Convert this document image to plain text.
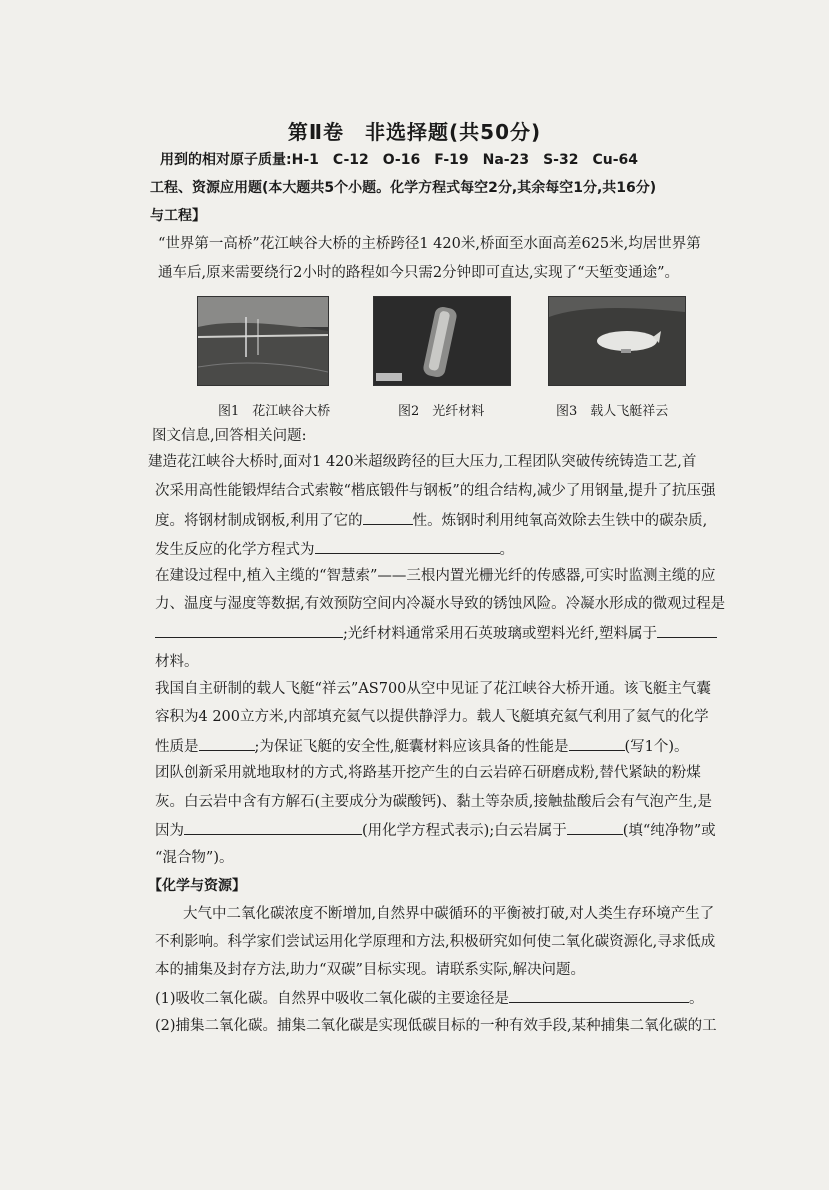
第Ⅱ卷　非选择题(共50分)
用到的相对原子质量:H-1　C-12　O-16　F-19　Na-23　S-32　Cu-64
工程、资源应用题(本大题共5个小题。化学方程式每空2分,其余每空1分,共16分)
与工程】
“世界第一高桥”花江峡谷大桥的主桥跨径1 420米,桥面至水面高差625米,均居世界第
通车后,原来需要绕行2小时的路程如今只需2分钟即可直达,实现了“天堑变通途”。
图1　花江峡谷大桥	图2　光纤材料	图3　载人飞艇祥云
图文信息,回答相关问题:
建造花江峡谷大桥时,面对1 420米超级跨径的巨大压力,工程团队突破传统铸造工艺,首
次采用高性能锻焊结合式索鞍“楷底锻件与钢板”的组合结构,减少了用钢量,提升了抗压强
度。将钢材制成钢板,利用了它的	性。炼钢时利用纯氧高效除去生铁中的碳杂质,
发生反应的化学方程式为	。
在建设过程中,植入主缆的“智慧索”——三根内置光栅光纤的传感器,可实时监测主缆的应
力、温度与湿度等数据,有效预防空间内冷凝水导致的锈蚀风险。冷凝水形成的微观过程是
;光纤材料通常采用石英玻璃或塑料光纤,塑料属于
材料。
我国自主研制的载人飞艇“祥云”AS700从空中见证了花江峡谷大桥开通。该飞艇主气囊
容积为4 200立方米,内部填充氦气以提供静浮力。载人飞艇填充氦气利用了氦气的化学
性质是	;为保证飞艇的安全性,艇囊材料应该具备的性能是	(写1个)。
团队创新采用就地取材的方式,将路基开挖产生的白云岩碎石研磨成粉,替代紧缺的粉煤
灰。白云岩中含有方解石(主要成分为碳酸钙)、黏土等杂质,接触盐酸后会有气泡产生,是
因为	(用化学方程式表示);白云岩属于	(填“纯净物”或
“混合物”)。
【化学与资源】
大气中二氧化碳浓度不断增加,自然界中碳循环的平衡被打破,对人类生存环境产生了
不利影响。科学家们尝试运用化学原理和方法,积极研究如何使二氧化碳资源化,寻求低成
本的捕集及封存方法,助力“双碳”目标实现。请联系实际,解决问题。
(1)吸收二氧化碳。自然界中吸收二氧化碳的主要途径是	。
(2)捕集二氧化碳。捕集二氧化碳是实现低碳目标的一种有效手段,某种捕集二氧化碳的工
